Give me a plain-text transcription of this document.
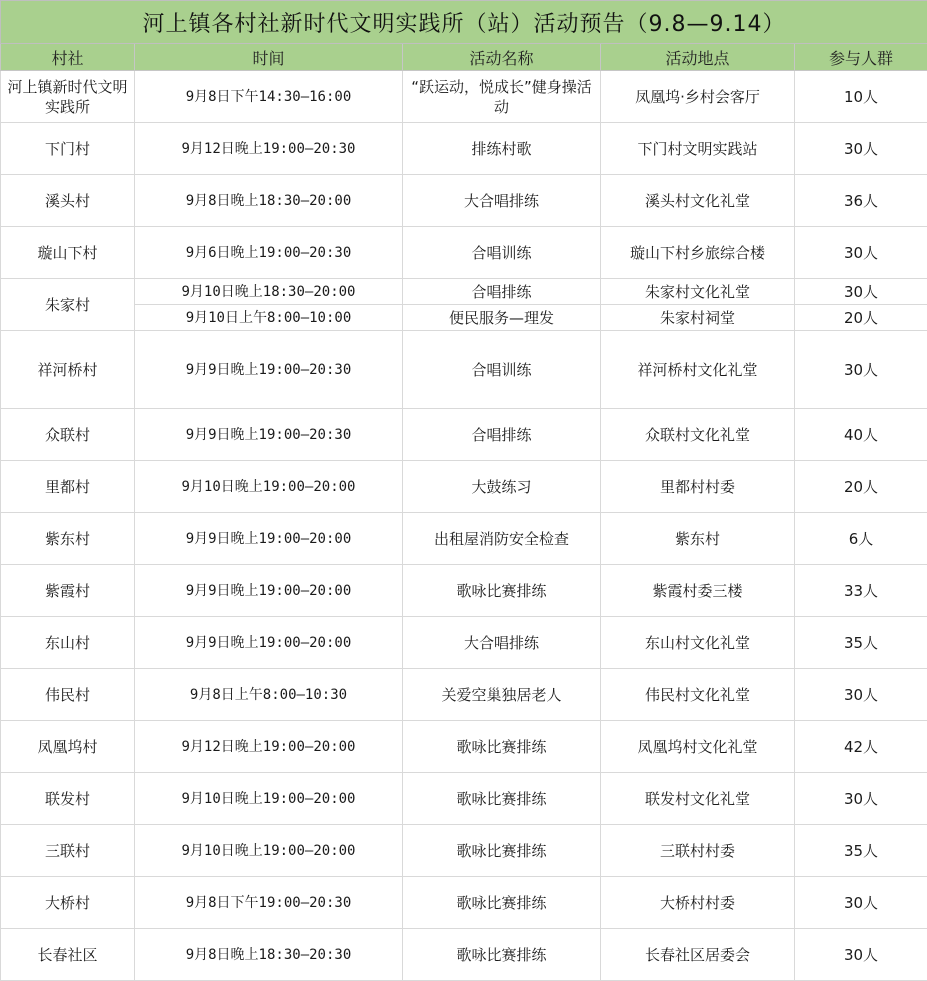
河上镇各村社新时代文明实践所（站）活动预告（9.8—9.14）				
村社	时间	活动名称	活动地点	参与人群
河上镇新时代文明实践所	9月8日下午14:30—16:00	“跃运动，悦成长”健身操活动	凤凰坞·乡村会客厅	10人
下门村	9月12日晚上19:00—20:30	排练村歌	下门村文明实践站	30人
溪头村	9月8日晚上18:30—20:00	大合唱排练	溪头村文化礼堂	36人
璇山下村	9月6日晚上19:00—20:30	合唱训练	璇山下村乡旅综合楼	30人
朱家村	9月10日晚上18:30—20:00	合唱排练	朱家村文化礼堂	30人
	9月10日上午8:00—10:00	便民服务—理发	朱家村祠堂	20人
祥河桥村	9月9日晚上19:00—20:30	合唱训练	祥河桥村文化礼堂	30人
众联村	9月9日晚上19:00—20:30	合唱排练	众联村文化礼堂	40人
里都村	9月10日晚上19:00—20:00	大鼓练习	里都村村委	20人
紫东村	9月9日晚上19:00—20:00	出租屋消防安全检查	紫东村	6人
紫霞村	9月9日晚上19:00—20:00	歌咏比赛排练	紫霞村委三楼	33人
东山村	9月9日晚上19:00—20:00	大合唱排练	东山村文化礼堂	35人
伟民村	9月8日上午8:00—10:30	关爱空巢独居老人	伟民村文化礼堂	30人
凤凰坞村	9月12日晚上19:00—20:00	歌咏比赛排练	凤凰坞村文化礼堂	42人
联发村	9月10日晚上19:00—20:00	歌咏比赛排练	联发村文化礼堂	30人
三联村	9月10日晚上19:00—20:00	歌咏比赛排练	三联村村委	35人
大桥村	9月8日下午19:00—20:30	歌咏比赛排练	大桥村村委	30人
长春社区	9月8日晚上18:30—20:30	歌咏比赛排练	长春社区居委会	30人
